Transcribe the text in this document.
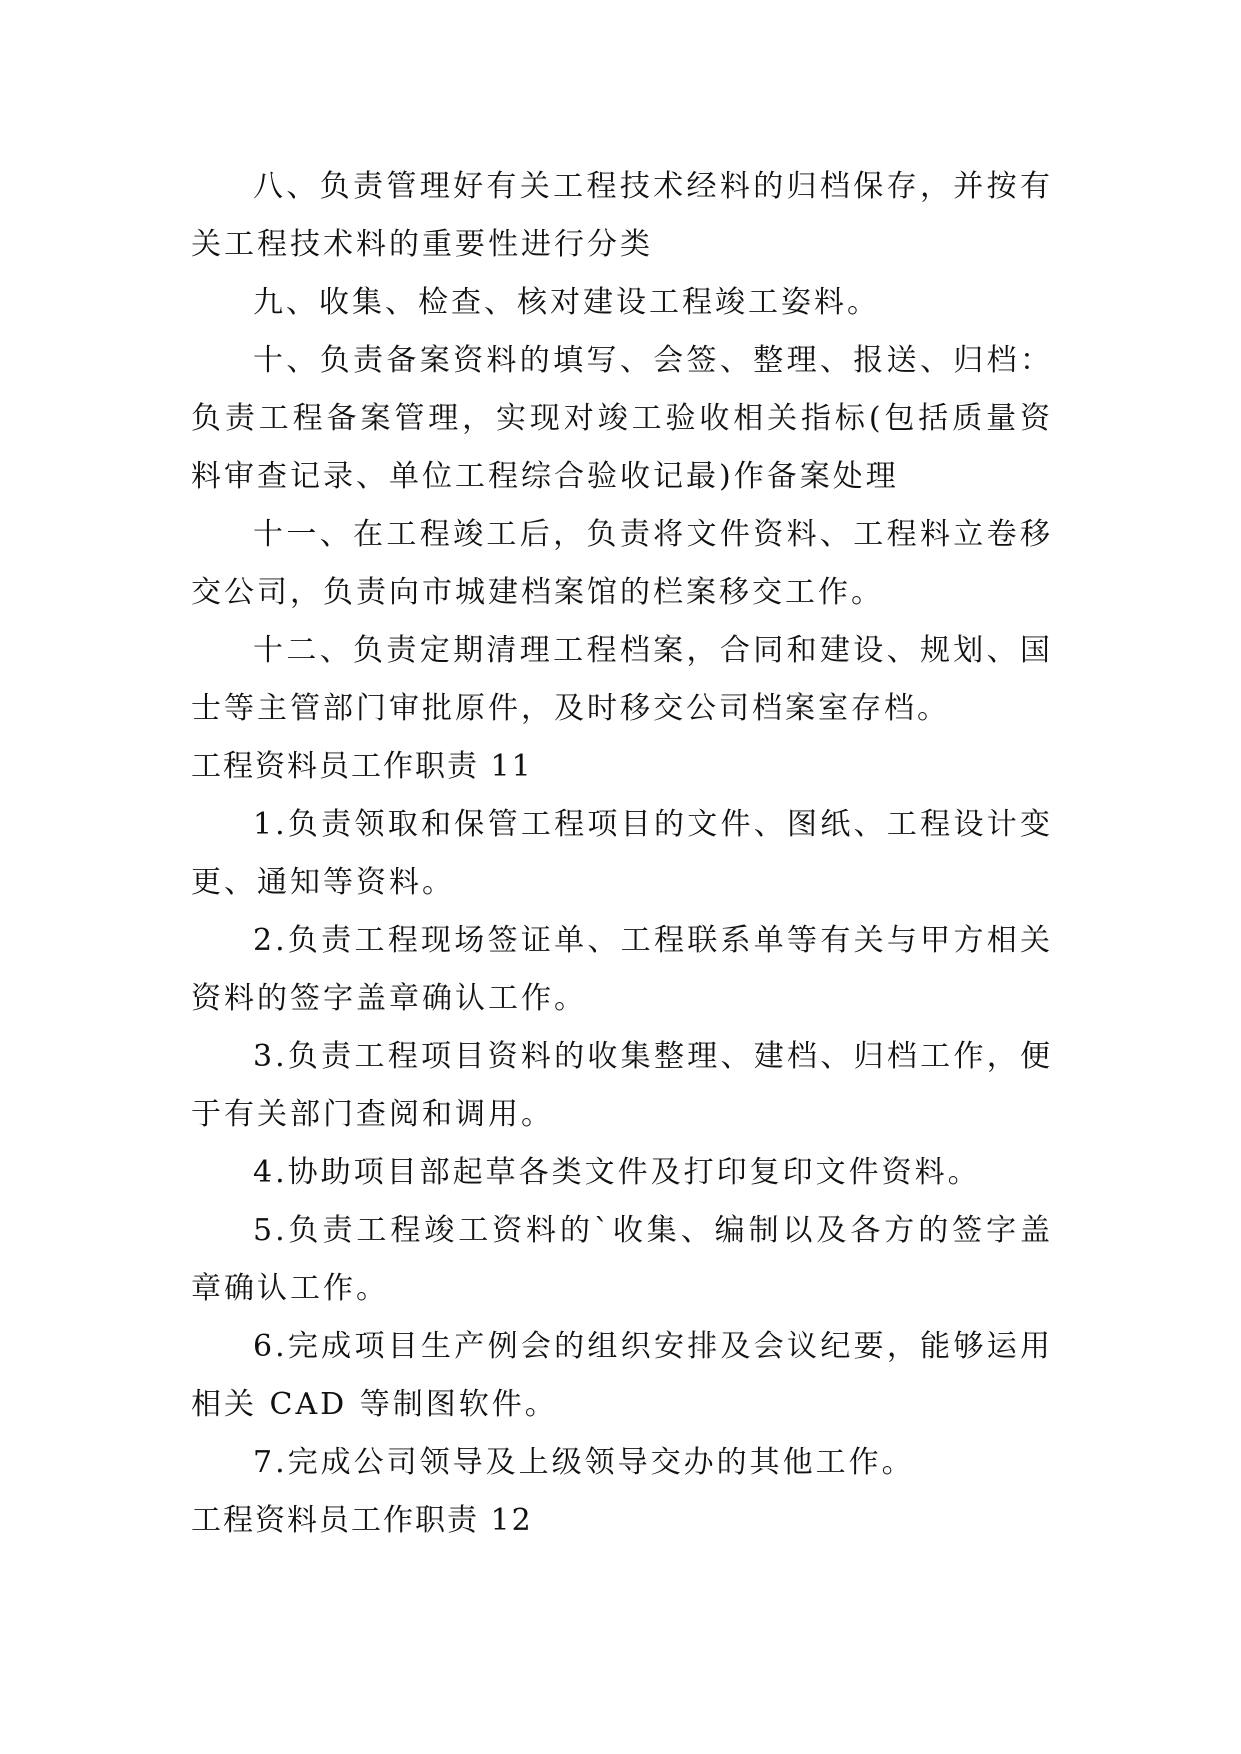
八、负责管理好有关工程技术经料的归档保存，并按有关工程技术料的重要性进行分类

九、收集、检查、核对建设工程竣工姿料。

十、负责备案资料的填写、会签、整理、报送、归档：负责工程备案管理，实现对竣工验收相关指标(包括质量资料审查记录、单位工程综合验收记最)作备案处理

十一、在工程竣工后，负责将文件资料、工程料立卷移交公司，负责向市城建档案馆的栏案移交工作。

十二、负责定期清理工程档案，合同和建设、规划、国士等主管部门审批原件，及时移交公司档案室存档。

工程资料员工作职责 11

1.负责领取和保管工程项目的文件、图纸、工程设计变更、通知等资料。

2.负责工程现场签证单、工程联系单等有关与甲方相关资料的签字盖章确认工作。

3.负责工程项目资料的收集整理、建档、归档工作，便于有关部门查阅和调用。

4.协助项目部起草各类文件及打印复印文件资料。

5.负责工程竣工资料的`收集、编制以及各方的签字盖章确认工作。

6.完成项目生产例会的组织安排及会议纪要，能够运用相关 CAD 等制图软件。

7.完成公司领导及上级领导交办的其他工作。

工程资料员工作职责 12
